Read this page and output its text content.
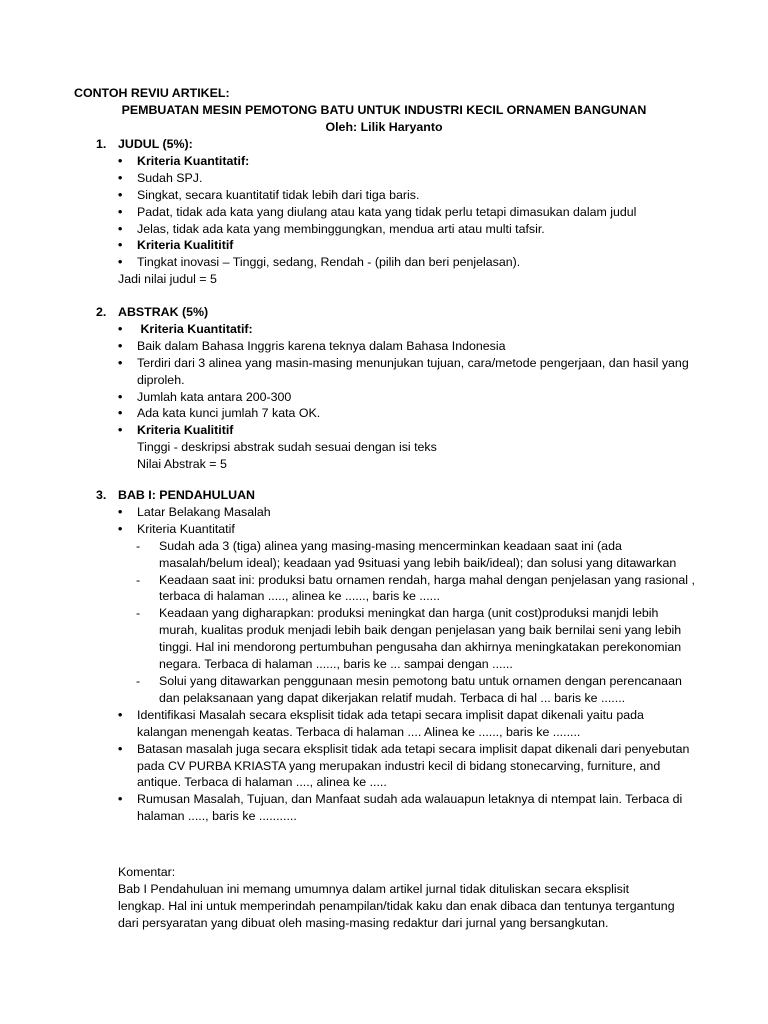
CONTOH REVIU ARTIKEL:
PEMBUATAN MESIN PEMOTONG BATU UNTUK INDUSTRI KECIL ORNAMEN BANGUNAN
Oleh: Lilik Haryanto
1. JUDUL (5%):
• Kriteria Kuantitatif:
• Sudah SPJ.
• Singkat, secara kuantitatif tidak lebih dari tiga baris.
• Padat, tidak ada kata yang diulang atau kata yang tidak perlu tetapi dimasukan dalam judul
• Jelas, tidak ada kata yang membinggungkan, mendua arti atau multi tafsir.
• Kriteria Kualititif
• Tingkat inovasi – Tinggi, sedang, Rendah - (pilih dan beri penjelasan).
Jadi nilai judul = 5
2. ABSTRAK (5%)
• Kriteria Kuantitatif:
• Baik dalam Bahasa Inggris karena teknya dalam Bahasa Indonesia
• Terdiri dari 3 alinea yang masin-masing menunjukan tujuan, cara/metode pengerjaan, dan hasil yang diproleh.
• Jumlah kata antara 200-300
• Ada kata kunci jumlah 7 kata OK.
• Kriteria Kualititif
Tinggi - deskripsi abstrak sudah sesuai dengan isi teks
Nilai Abstrak = 5
3. BAB I: PENDAHULUAN
• Latar Belakang Masalah
• Kriteria Kuantitatif
- Sudah ada 3 (tiga) alinea yang masing-masing mencerminkan keadaan saat ini (ada masalah/belum ideal); keadaan yad 9situasi yang lebih baik/ideal); dan solusi yang ditawarkan
- Keadaan saat ini: produksi batu ornamen rendah, harga mahal dengan penjelasan yang rasional , terbaca di halaman ....., alinea ke ......, baris ke ......
- Keadaan yang digharapkan: produksi meningkat dan harga (unit cost)produksi manjdi lebih murah, kualitas produk menjadi lebih baik dengan penjelasan yang baik bernilai seni yang lebih tinggi. Hal ini mendorong pertumbuhan pengusaha dan akhirnya meningkatakan perekonomian negara. Terbaca di halaman ......, baris ke ... sampai dengan ......
- Solui yang ditawarkan penggunaan mesin pemotong batu untuk ornamen dengan perencanaan dan pelaksanaan yang dapat dikerjakan relatif mudah. Terbaca di hal ... baris ke .......
• Identifikasi Masalah secara eksplisit tidak ada tetapi secara implisit dapat dikenali yaitu pada kalangan menengah keatas. Terbaca di halaman .... Alinea ke ......, baris ke ........
• Batasan masalah juga secara eksplisit tidak ada tetapi secara implisit dapat dikenali dari penyebutan pada CV PURBA KRIASTA yang merupakan industri kecil di bidang stonecarving, furniture, and antique. Terbaca di halaman ...., alinea ke .....
• Rumusan Masalah, Tujuan, dan Manfaat sudah ada walauapun letaknya di ntempat lain. Terbaca di halaman ....., baris ke ...........
Komentar:
Bab I Pendahuluan ini memang umumnya dalam artikel jurnal tidak dituliskan secara eksplisit lengkap. Hal ini untuk memperindah penampilan/tidak kaku dan enak dibaca dan tentunya tergantung dari persyaratan yang dibuat oleh masing-masing redaktur dari jurnal yang bersangkutan.
